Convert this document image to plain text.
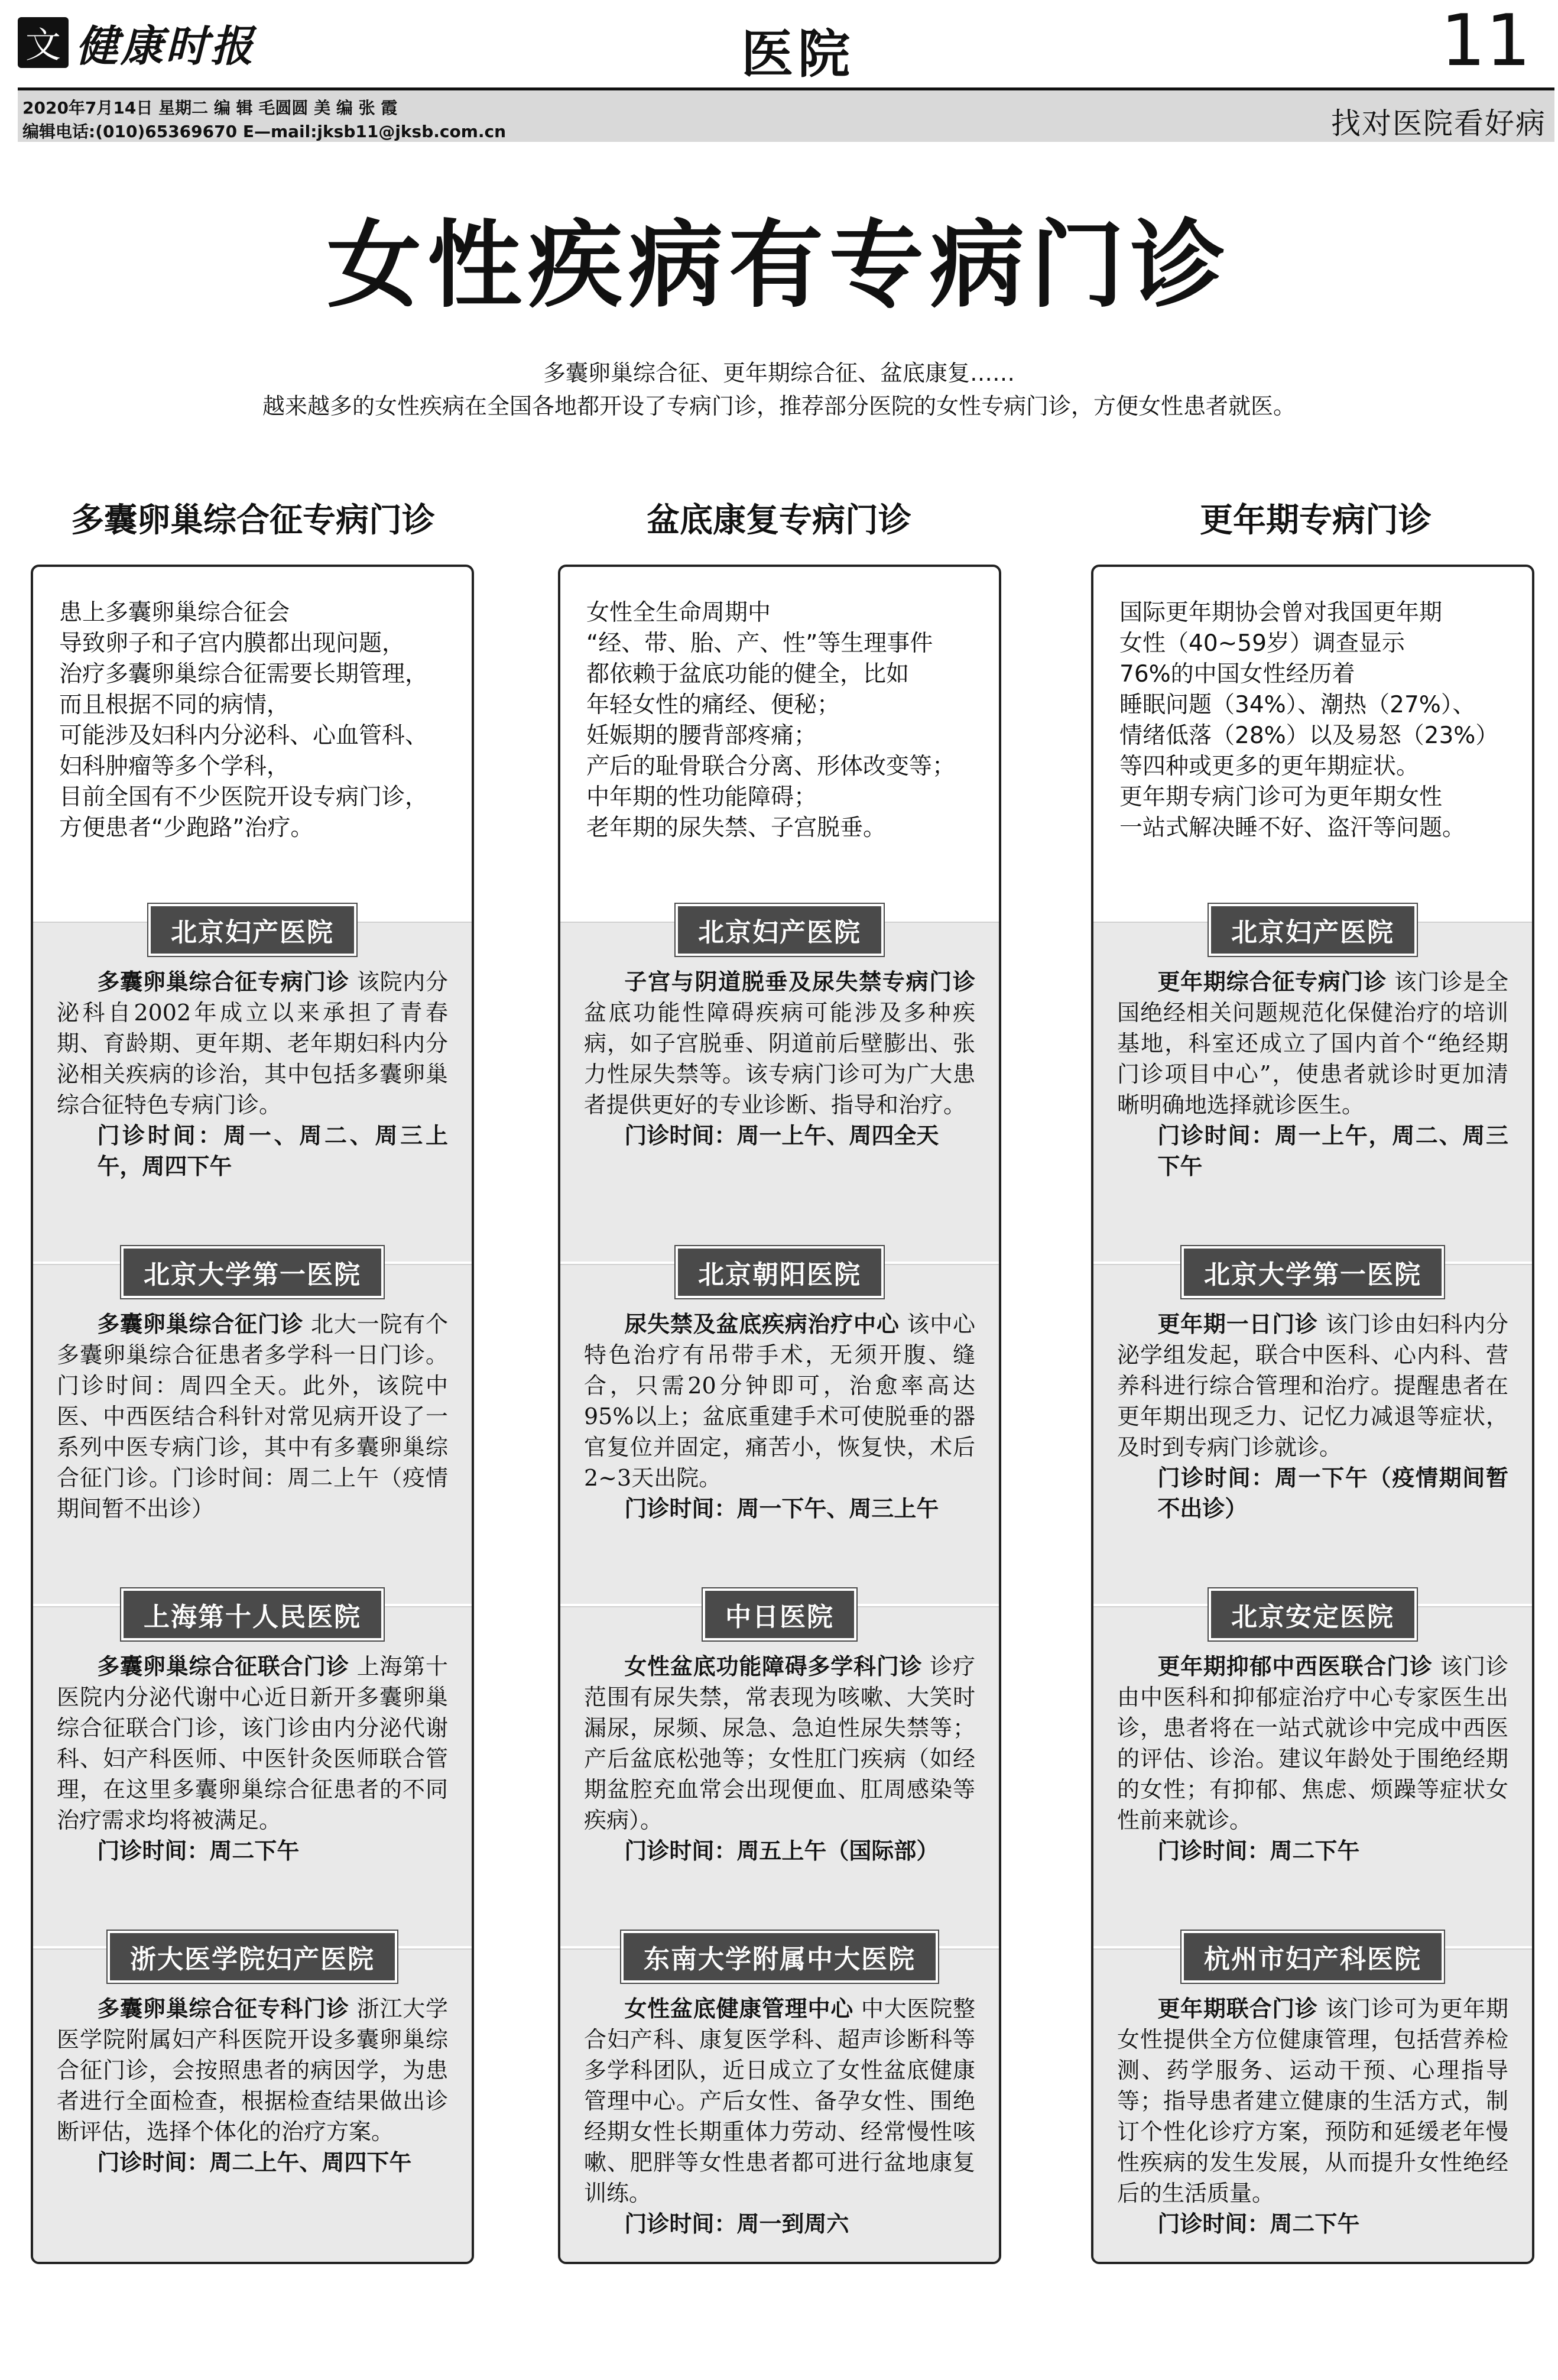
文 健康时报	医院	11
2020年7月14日 星期二 编 辑 毛圆圆 美 编 张 霞
编辑电话:(010)65369670 E—mail:jksb11@jksb.com.cn	找对医院看好病
女性疾病有专病门诊

多囊卵巢综合征、更年期综合征、盆底康复……

越来越多的女性疾病在全国各地都开设了专病门诊，推荐部分医院的女性专病门诊，方便女性患者就医。

多囊卵巢综合征专病门诊	盆底康复专病门诊	更年期专病门诊

患上多囊卵巢综合征会

导致卵子和子宫内膜都出现问题，

治疗多囊卵巢综合征需要长期管理，

而且根据不同的病情，

可能涉及妇科内分泌科、心血管科、

妇科肿瘤等多个学科，

目前全国有不少医院开设专病门诊，

方便患者“少跑路”治疗。

北京妇产医院
多囊卵巢综合征专病门诊 该院内分泌科自2002年成立以来承担了青春期、育龄期、更年期、老年期妇科内分泌相关疾病的诊治，其中包括多囊卵巢综合征特色专病门诊。
门诊时间：周一、周二、周三上午，周四下午
北京大学第一医院
多囊卵巢综合征门诊 北大一院有个多囊卵巢综合征患者多学科一日门诊。门诊时间：周四全天。此外，该院中医、中西医结合科针对常见病开设了一系列中医专病门诊，其中有多囊卵巢综合征门诊。门诊时间：周二上午（疫情期间暂不出诊）
上海第十人民医院
多囊卵巢综合征联合门诊 上海第十医院内分泌代谢中心近日新开多囊卵巢综合征联合门诊，该门诊由内分泌代谢科、妇产科医师、中医针灸医师联合管理，在这里多囊卵巢综合征患者的不同治疗需求均将被满足。
门诊时间：周二下午
浙大医学院妇产医院
多囊卵巢综合征专科门诊 浙江大学医学院附属妇产科医院开设多囊卵巢综合征门诊，会按照患者的病因学，为患者进行全面检查，根据检查结果做出诊断评估，选择个体化的治疗方案。
门诊时间：周二上午、周四下午

女性全生命周期中

“经、带、胎、产、性”等生理事件

都依赖于盆底功能的健全，比如

年轻女性的痛经、便秘；

妊娠期的腰背部疼痛；

产后的耻骨联合分离、形体改变等；

中年期的性功能障碍；

老年期的尿失禁、子宫脱垂。

北京妇产医院
子宫与阴道脱垂及尿失禁专病门诊 盆底功能性障碍疾病可能涉及多种疾病，如子宫脱垂、阴道前后壁膨出、张力性尿失禁等。该专病门诊可为广大患者提供更好的专业诊断、指导和治疗。
门诊时间：周一上午、周四全天
北京朝阳医院
尿失禁及盆底疾病治疗中心 该中心特色治疗有吊带手术，无须开腹、缝合，只需20分钟即可，治愈率高达95%以上；盆底重建手术可使脱垂的器官复位并固定，痛苦小，恢复快，术后2~3天出院。
门诊时间：周一下午、周三上午
中日医院
女性盆底功能障碍多学科门诊 诊疗范围有尿失禁，常表现为咳嗽、大笑时漏尿，尿频、尿急、急迫性尿失禁等；产后盆底松弛等；女性肛门疾病（如经期盆腔充血常会出现便血、肛周感染等疾病）。
门诊时间：周五上午（国际部）
东南大学附属中大医院
女性盆底健康管理中心 中大医院整合妇产科、康复医学科、超声诊断科等多学科团队，近日成立了女性盆底健康管理中心。产后女性、备孕女性、围绝经期女性长期重体力劳动、经常慢性咳嗽、肥胖等女性患者都可进行盆地康复训练。
门诊时间：周一到周六

国际更年期协会曾对我国更年期

女性（40~59岁）调查显示

76%的中国女性经历着

睡眠问题（34%）、潮热（27%）、

情绪低落（28%）以及易怒（23%）

等四种或更多的更年期症状。

更年期专病门诊可为更年期女性

一站式解决睡不好、盗汗等问题。

北京妇产医院
更年期综合征专病门诊 该门诊是全国绝经相关问题规范化保健治疗的培训基地，科室还成立了国内首个“绝经期门诊项目中心”，使患者就诊时更加清晰明确地选择就诊医生。
门诊时间：周一上午，周二、周三下午
北京大学第一医院
更年期一日门诊 该门诊由妇科内分泌学组发起，联合中医科、心内科、营养科进行综合管理和治疗。提醒患者在更年期出现乏力、记忆力减退等症状，及时到专病门诊就诊。
门诊时间：周一下午（疫情期间暂不出诊）
北京安定医院
更年期抑郁中西医联合门诊 该门诊由中医科和抑郁症治疗中心专家医生出诊，患者将在一站式就诊中完成中西医的评估、诊治。建议年龄处于围绝经期的女性；有抑郁、焦虑、烦躁等症状女性前来就诊。
门诊时间：周二下午
杭州市妇产科医院
更年期联合门诊 该门诊可为更年期女性提供全方位健康管理，包括营养检测、药学服务、运动干预、心理指导等；指导患者建立健康的生活方式，制订个性化诊疗方案，预防和延缓老年慢性疾病的发生发展，从而提升女性绝经后的生活质量。
门诊时间：周二下午
